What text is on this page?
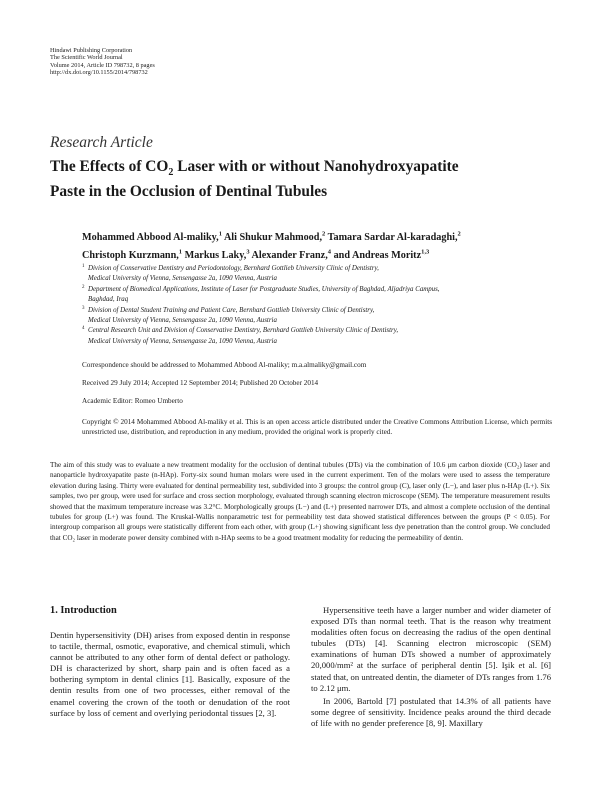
Hindawi Publishing Corporation
The Scientific World Journal
Volume 2014, Article ID 798732, 8 pages
http://dx.doi.org/10.1155/2014/798732
Research Article
The Effects of $CO_2$ Laser with or without Nanohydroxyapatite
Paste in the Occlusion of Dentinal Tubules
Mohammed Abbood Al-maliky,$^1$ Ali Shukur Mahmood,$^2$ Tamara Sardar Al-karadaghi,$^2$
Christoph Kurzmann,$^1$ Markus Laky,$^3$ Alexander Franz,$^4$ and Andreas Moritz$^{1,3}$
1 Division of Conservative Dentistry and Periodontology, Bernhard Gottlieb University Clinic of Dentistry,
Medical University of Vienna, Sensengasse 2a, 1090 Vienna, Austria
2 Department of Biomedical Applications, Institute of Laser for Postgraduate Studies, University of Baghdad, Aljadriya Campus,
Baghdad, Iraq
3 Division of Dental Student Training and Patient Care, Bernhard Gottlieb University Clinic of Dentistry,
Medical University of Vienna, Sensengasse 2a, 1090 Vienna, Austria
4 Central Research Unit and Division of Conservative Dentistry, Bernhard Gottlieb University Clinic of Dentistry,
Medical University of Vienna, Sensengasse 2a, 1090 Vienna, Austria
Correspondence should be addressed to Mohammed Abbood Al-maliky; m.a.almaliky@gmail.com
Received 29 July 2014; Accepted 12 September 2014; Published 20 October 2014
Academic Editor: Romeo Umberto
Copyright © 2014 Mohammed Abbood Al-maliky et al. This is an open access article distributed under the Creative Commons Attribution License, which permits unrestricted use, distribution, and reproduction in any medium, provided the original work is properly cited.
The aim of this study was to evaluate a new treatment modality for the occlusion of dentinal tubules (DTs) via the combination of 10.6 μm carbon dioxide (CO₂) laser and nanoparticle hydroxyapatite paste (n-HAp). Forty-six sound human molars were used in the current experiment. Ten of the molars were used to assess the temperature elevation during lasing. Thirty were evaluated for dentinal permeability test, subdivided into 3 groups: the control group (C), laser only (L−), and laser plus n-HAp (L+). Six samples, two per group, were used for surface and cross section morphology, evaluated through scanning electron microscope (SEM). The temperature measurement results showed that the maximum temperature increase was 3.2°C. Morphologically groups (L−) and (L+) presented narrower DTs, and almost a complete occlusion of the dentinal tubules for group (L+) was found. The Kruskal-Wallis nonparametric test for permeability test data showed statistical differences between the groups (P < 0.05). For intergroup comparison all groups were statistically different from each other, with group (L+) showing significant less dye penetration than the control group. We concluded that CO₂ laser in moderate power density combined with n-HAp seems to be a good treatment modality for reducing the permeability of dentin.
1. Introduction

Dentin hypersensitivity (DH) arises from exposed dentin in response to tactile, thermal, osmotic, evaporative, and chemical stimuli, which cannot be attributed to any other form of dental defect or pathology. DH is characterized by short, sharp pain and is often faced as a bothering symptom in dental clinics [1]. Basically, exposure of the dentin results from one of two processes, either removal of the enamel covering the crown of the tooth or denudation of the root surface by loss of cement and overlying periodontal tissues [2, 3].

Hypersensitive teeth have a larger number and wider diameter of exposed DTs than normal teeth. That is the reason why treatment modalities often focus on decreasing the radius of the open dentinal tubules (DTs) [4]. Scanning electron microscopic (SEM) examinations of human DTs showed a number of approximately 20,000/mm² at the surface of peripheral dentin [5]. Işik et al. [6] stated that, on untreated dentin, the diameter of DTs ranges from 1.76 to 2.12 μm.

In 2006, Bartold [7] postulated that 14.3% of all patients have some degree of sensitivity. Incidence peaks around the third decade of life with no gender preference [8, 9]. Maxillary
